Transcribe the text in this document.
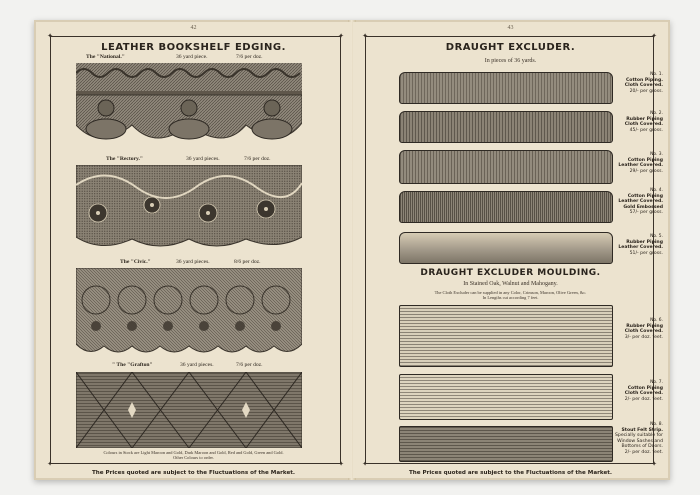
42
✦	✦
✦	✦
LEATHER BOOKSHELF EDGING.
The "National."	36 yard piece.	7/6 per doz.
The "Rectory."	36 yard pieces.	7/6 per doz.
The "Civic."	36 yard pieces.	8/6 per doz.
" The "Grafton"	36 yard pieces.	7/6 per doz.
Colours in Stock are Light Maroon and Gold, Dark Maroon and Gold, Red and Gold, Green and Gold.
Other Colours to order.
The Prices quoted are subject to the Fluctuations of the Market.
43
✦	✦
✦	✦
DRAUGHT EXCLUDER.
In pieces of 36 yards.
No. 1.
Cotton Piping.
Cloth Covered.
20/- per gross.
No. 2.
Rubber Piping
Cloth Covered.
45/- per gross.
No. 3.
Cotton Piping
Leather Covered.
29/- per gross.
No. 4.
Cotton Piping
Leather Covered.
Gold Embossed
57/- per gross.
No. 5.
Rubber Piping
Leather Covered.
51/- per gross.
DRAUGHT EXCLUDER MOULDING.
In Stained Oak, Walnut and Mahogany.
The Cloth Excluder can be supplied in any Color, Crimson, Maroon, Olive Green, &c.
In Lengths cut according 7 feet.
No. 6.
Rubber Piping
Cloth Covered.
3/- per doz. feet.
No. 7.
Cotton Piping
Cloth Covered.
2/- per doz. feet.
No. 8.
Stout Felt Strip.
Specially suitable for
Window Sashes and
Bottoms of Doors.
2/- per doz. feet.
The Prices quoted are subject to the Fluctuations of the Market.
